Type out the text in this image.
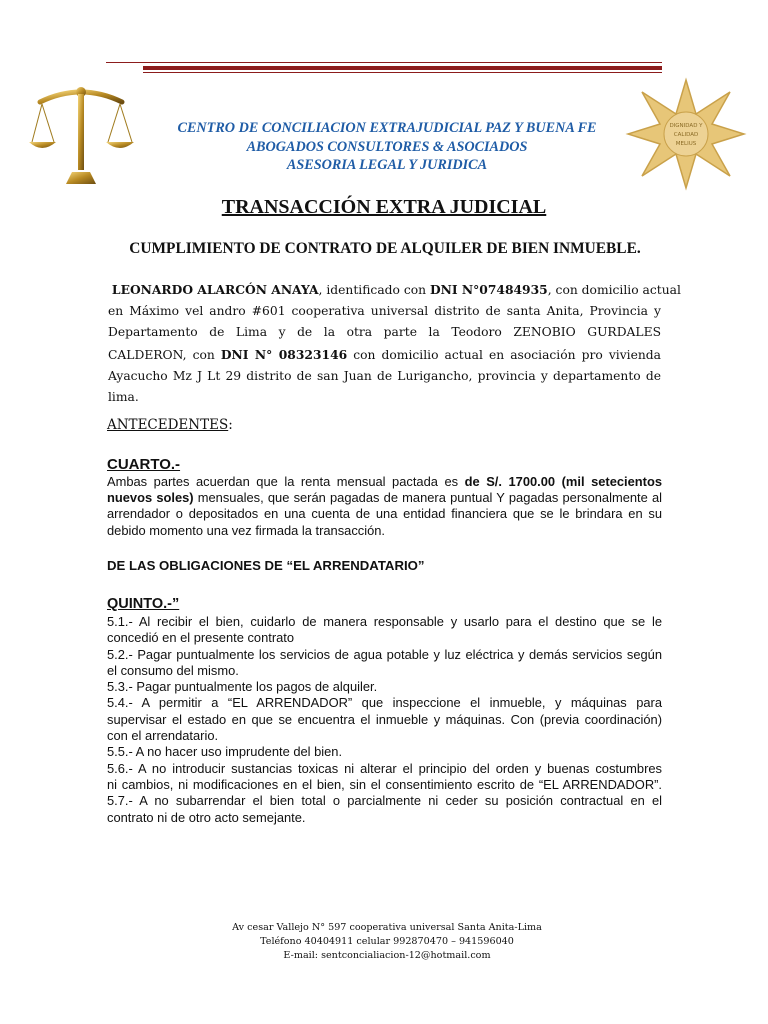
DIGNIDAD Y
CALIDAD
MELIUS
CENTRO DE CONCILIACION EXTRAJUDICIAL PAZ Y BUENA FE
ABOGADOS CONSULTORES & ASOCIADOS
ASESORIA LEGAL Y JURIDICA
TRANSACCIÓN EXTRA JUDICIAL
CUMPLIMIENTO DE CONTRATO DE ALQUILER DE BIEN INMUEBLE.
LEONARDO ALARCÓN ANAYA, identificado con DNI N°07484935, con domicilio actual
en Máximo vel andro #601 cooperativa universal distrito de santa Anita, Provincia y
Departamento de Lima y de la otra parte la Teodoro ZENOBIO GURDALES
CALDERON, con DNI N° 08323146 con domicilio actual en asociación pro vivienda
Ayacucho Mz J Lt 29 distrito de san Juan de Lurigancho, provincia y departamento de
lima.
ANTECEDENTES:
CUARTO.-
Ambas partes acuerdan que la renta mensual pactada es de S/. 1700.00 (mil setecientos
nuevos soles) mensuales, que serán pagadas de manera puntual Y pagadas personalmente al
arrendador o depositados en una cuenta de una entidad financiera que se le brindara en su
debido momento una vez firmada la transacción.
DE LAS OBLIGACIONES DE “EL ARRENDATARIO”
QUINTO.-”
5.1.- Al recibir el bien, cuidarlo de manera responsable y usarlo para el destino que se le
concedió en el presente contrato
5.2.- Pagar puntualmente los servicios de agua potable y luz eléctrica y demás servicios según
el consumo del mismo.
5.3.- Pagar puntualmente los pagos de alquiler.
5.4.- A permitir a “EL ARRENDADOR” que inspeccione el inmueble, y máquinas para
supervisar el estado en que se encuentra el inmueble y máquinas. Con (previa coordinación)
con el arrendatario.
5.5.- A no hacer uso imprudente del bien.
5.6.- A no introducir sustancias toxicas ni alterar el principio del orden y buenas costumbres
ni cambios, ni modificaciones en el bien, sin el consentimiento escrito de “EL ARRENDADOR”.
5.7.- A no subarrendar el bien total o parcialmente ni ceder su posición contractual en el
contrato ni de otro acto semejante.
Av cesar Vallejo N° 597 cooperativa universal Santa Anita-Lima
Teléfono 40404911 celular 992870470 – 941596040
E-mail: sentconcialiacion-12@hotmail.com
